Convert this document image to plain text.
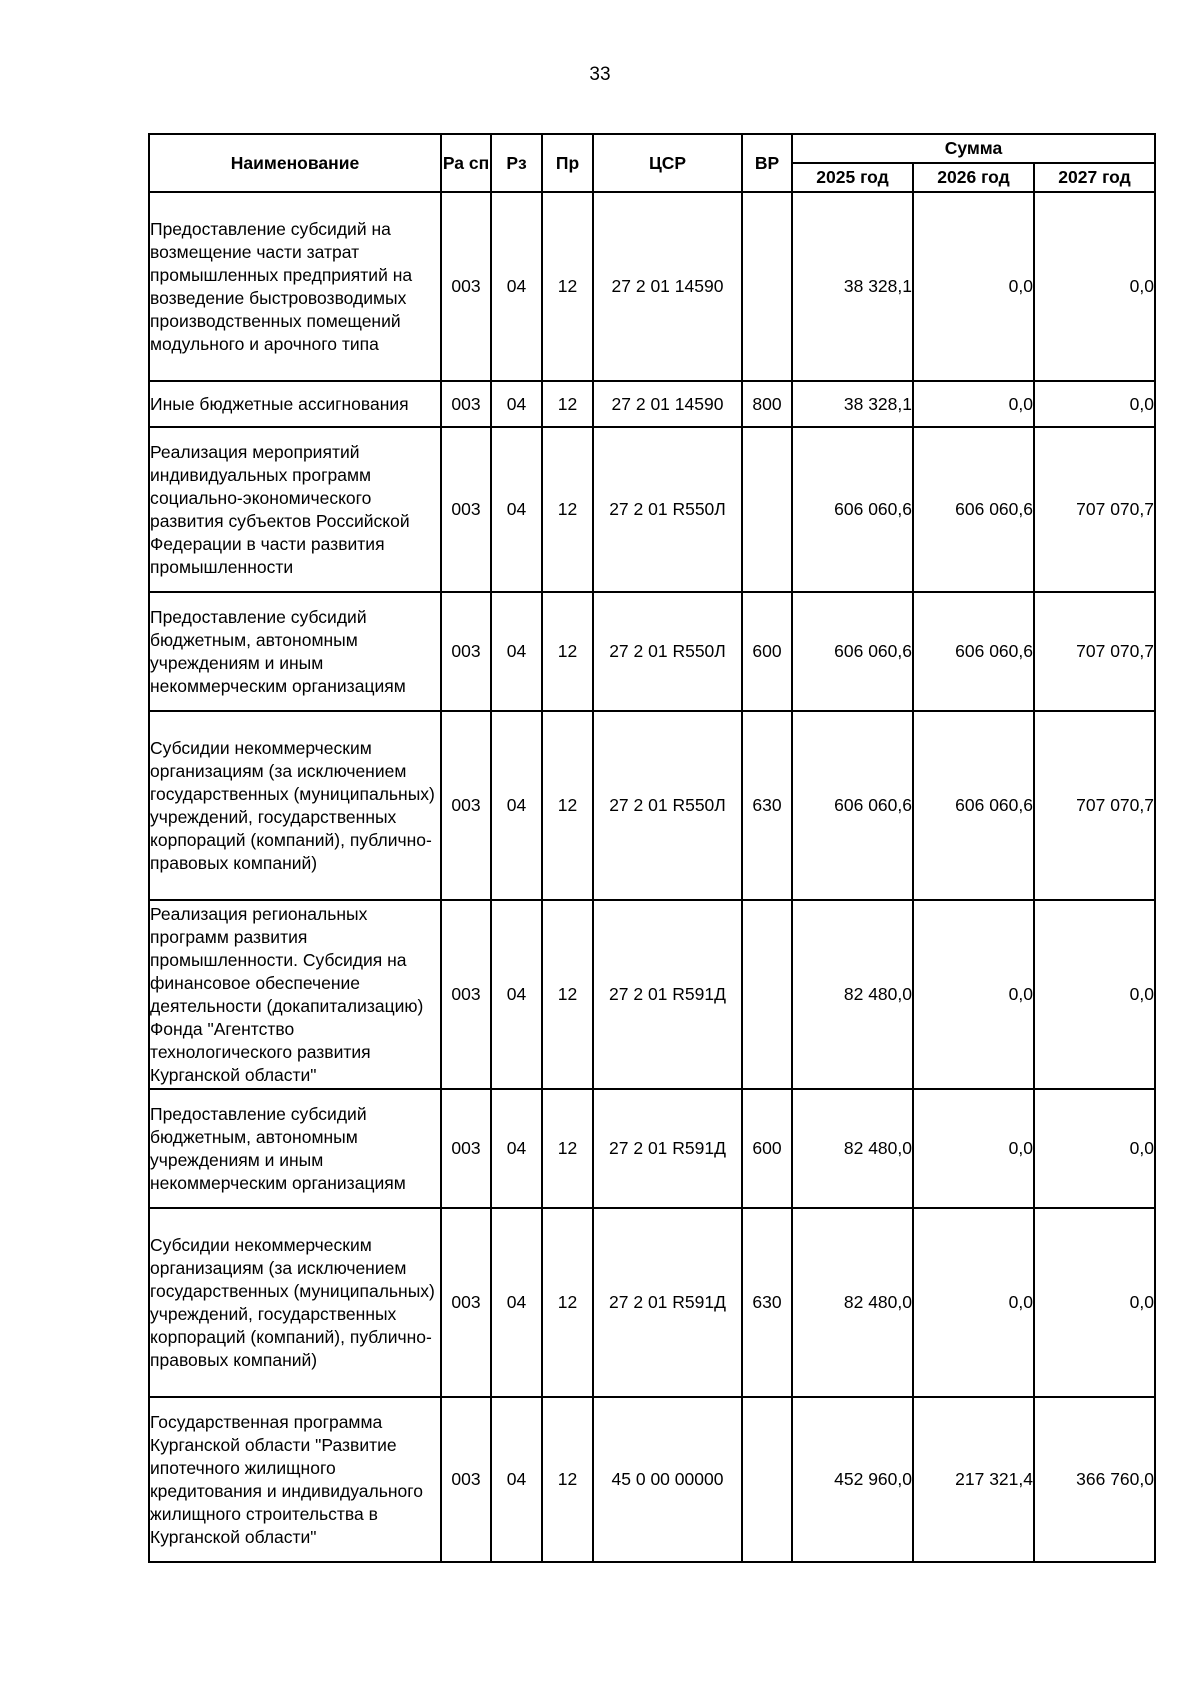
33
Наименование	Ра сп	Рз	Пр	ЦСР	ВР	Сумма		
						2025 год	2026 год	2027 год
Предоставление субсидий на возмещение части затрат промышленных предприятий на возведение быстровозводимых производственных помещений модульного и арочного типа	003	04	12	27 2 01 14590		38 328,1	0,0	0,0
Иные бюджетные ассигнования	003	04	12	27 2 01 14590	800	38 328,1	0,0	0,0
Реализация мероприятий индивидуальных программ социально-экономического развития субъектов Российской Федерации в части развития промышленности	003	04	12	27 2 01 R550Л		606 060,6	606 060,6	707 070,7
Предоставление субсидий бюджетным, автономным учреждениям и иным некоммерческим организациям	003	04	12	27 2 01 R550Л	600	606 060,6	606 060,6	707 070,7
Субсидии некоммерческим организациям (за исключением государственных (муниципальных) учреждений, государственных корпораций (компаний), публично-правовых компаний)	003	04	12	27 2 01 R550Л	630	606 060,6	606 060,6	707 070,7
Реализация региональных программ развития промышленности. Субсидия на финансовое обеспечение деятельности (докапитализацию) Фонда "Агентство технологического развития Курганской области"	003	04	12	27 2 01 R591Д		82 480,0	0,0	0,0
Предоставление субсидий бюджетным, автономным учреждениям и иным некоммерческим организациям	003	04	12	27 2 01 R591Д	600	82 480,0	0,0	0,0
Субсидии некоммерческим организациям (за исключением государственных (муниципальных) учреждений, государственных корпораций (компаний), публично-правовых компаний)	003	04	12	27 2 01 R591Д	630	82 480,0	0,0	0,0
Государственная программа Курганской области "Развитие ипотечного жилищного кредитования и индивидуального жилищного строительства в Курганской области"	003	04	12	45 0 00 00000		452 960,0	217 321,4	366 760,0
